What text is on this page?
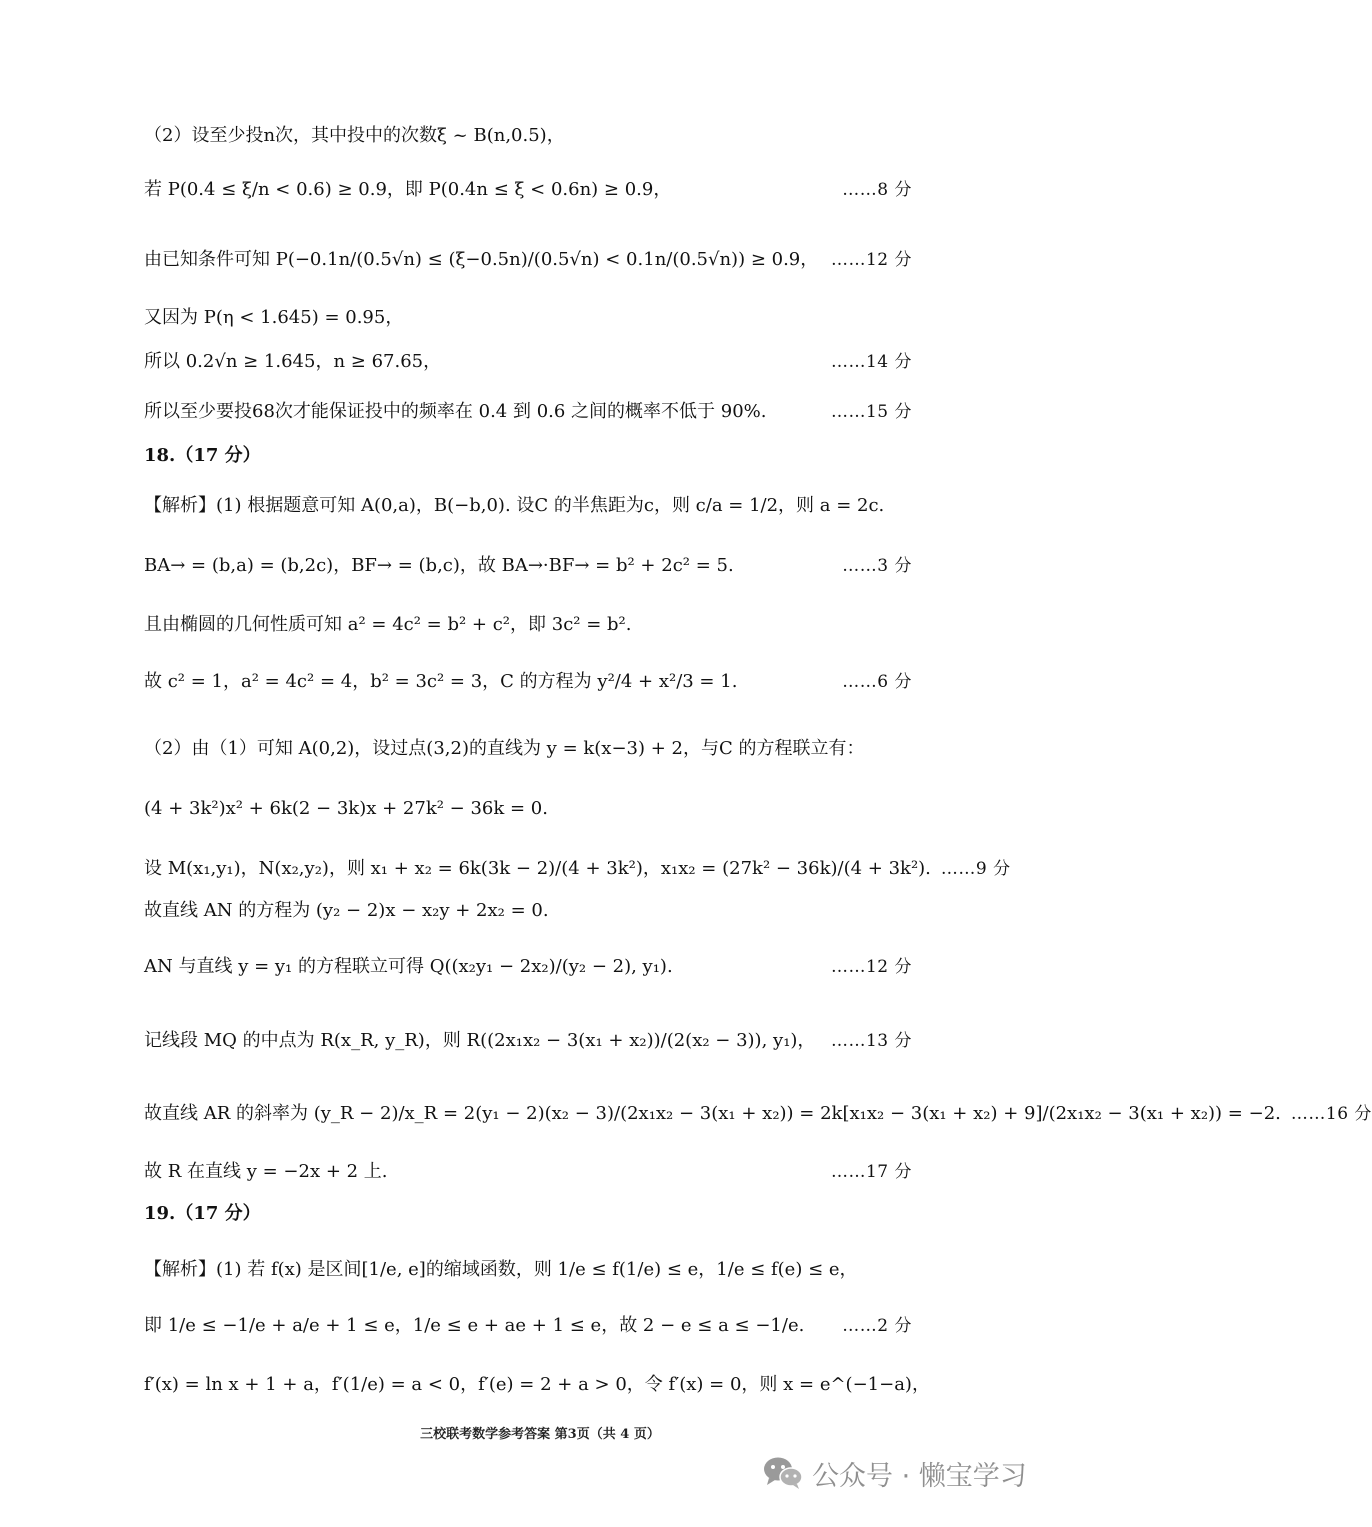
（2）设至少投n次，其中投中的次数ξ ~ B(n,0.5)，
若 P(0.4 ≤ ξ/n < 0.6) ≥ 0.9，即 P(0.4n ≤ ξ < 0.6n) ≥ 0.9，	……8 分
由已知条件可知 P(−0.1n/(0.5√n) ≤ (ξ−0.5n)/(0.5√n) < 0.1n/(0.5√n)) ≥ 0.9， ……12 分
又因为 P(η < 1.645) = 0.95，
所以 0.2√n ≥ 1.645，n ≥ 67.65，	……14 分
所以至少要投68次才能保证投中的频率在 0.4 到 0.6 之间的概率不低于 90%.	……15 分
18.（17 分）
【解析】(1) 根据题意可知 A(0,a)，B(−b,0). 设C 的半焦距为c，则 c/a = 1/2，则 a = 2c.
BA→ = (b,a) = (b,2c)，BF→ = (b,c)，故 BA→·BF→ = b² + 2c² = 5.	……3 分
且由椭圆的几何性质可知 a² = 4c² = b² + c²，即 3c² = b².
故 c² = 1，a² = 4c² = 4，b² = 3c² = 3，C 的方程为 y²/4 + x²/3 = 1.	……6 分
（2）由（1）可知 A(0,2)，设过点(3,2)的直线为 y = k(x−3) + 2，与C 的方程联立有：
(4 + 3k²)x² + 6k(2 − 3k)x + 27k² − 36k = 0.
设 M(x₁,y₁)，N(x₂,y₂)，则 x₁ + x₂ = 6k(3k − 2)/(4 + 3k²)，x₁x₂ = (27k² − 36k)/(4 + 3k²). ……9 分
故直线 AN 的方程为 (y₂ − 2)x − x₂y + 2x₂ = 0.
AN 与直线 y = y₁ 的方程联立可得 Q((x₂y₁ − 2x₂)/(y₂ − 2), y₁).	……12 分
记线段 MQ 的中点为 R(x_R, y_R)，则 R((2x₁x₂ − 3(x₁ + x₂))/(2(x₂ − 3)), y₁)， ……13 分
故直线 AR 的斜率为 (y_R − 2)/x_R = 2(y₁ − 2)(x₂ − 3)/(2x₁x₂ − 3(x₁ + x₂)) = 2k[x₁x₂ − 3(x₁ + x₂) + 9]/(2x₁x₂ − 3(x₁ + x₂)) = −2. ……16 分
故 R 在直线 y = −2x + 2 上.	……17 分
19.（17 分）
【解析】(1) 若 f(x) 是区间[1/e, e]的缩域函数，则 1/e ≤ f(1/e) ≤ e，1/e ≤ f(e) ≤ e，
即 1/e ≤ −1/e + a/e + 1 ≤ e，1/e ≤ e + ae + 1 ≤ e，故 2 − e ≤ a ≤ −1/e.	……2 分
f′(x) = ln x + 1 + a，f′(1/e) = a < 0，f′(e) = 2 + a > 0，令 f′(x) = 0，则 x = e^(−1−a)，
三校联考数学参考答案 第3页（共 4 页）
公众号 · 懒宝学习
